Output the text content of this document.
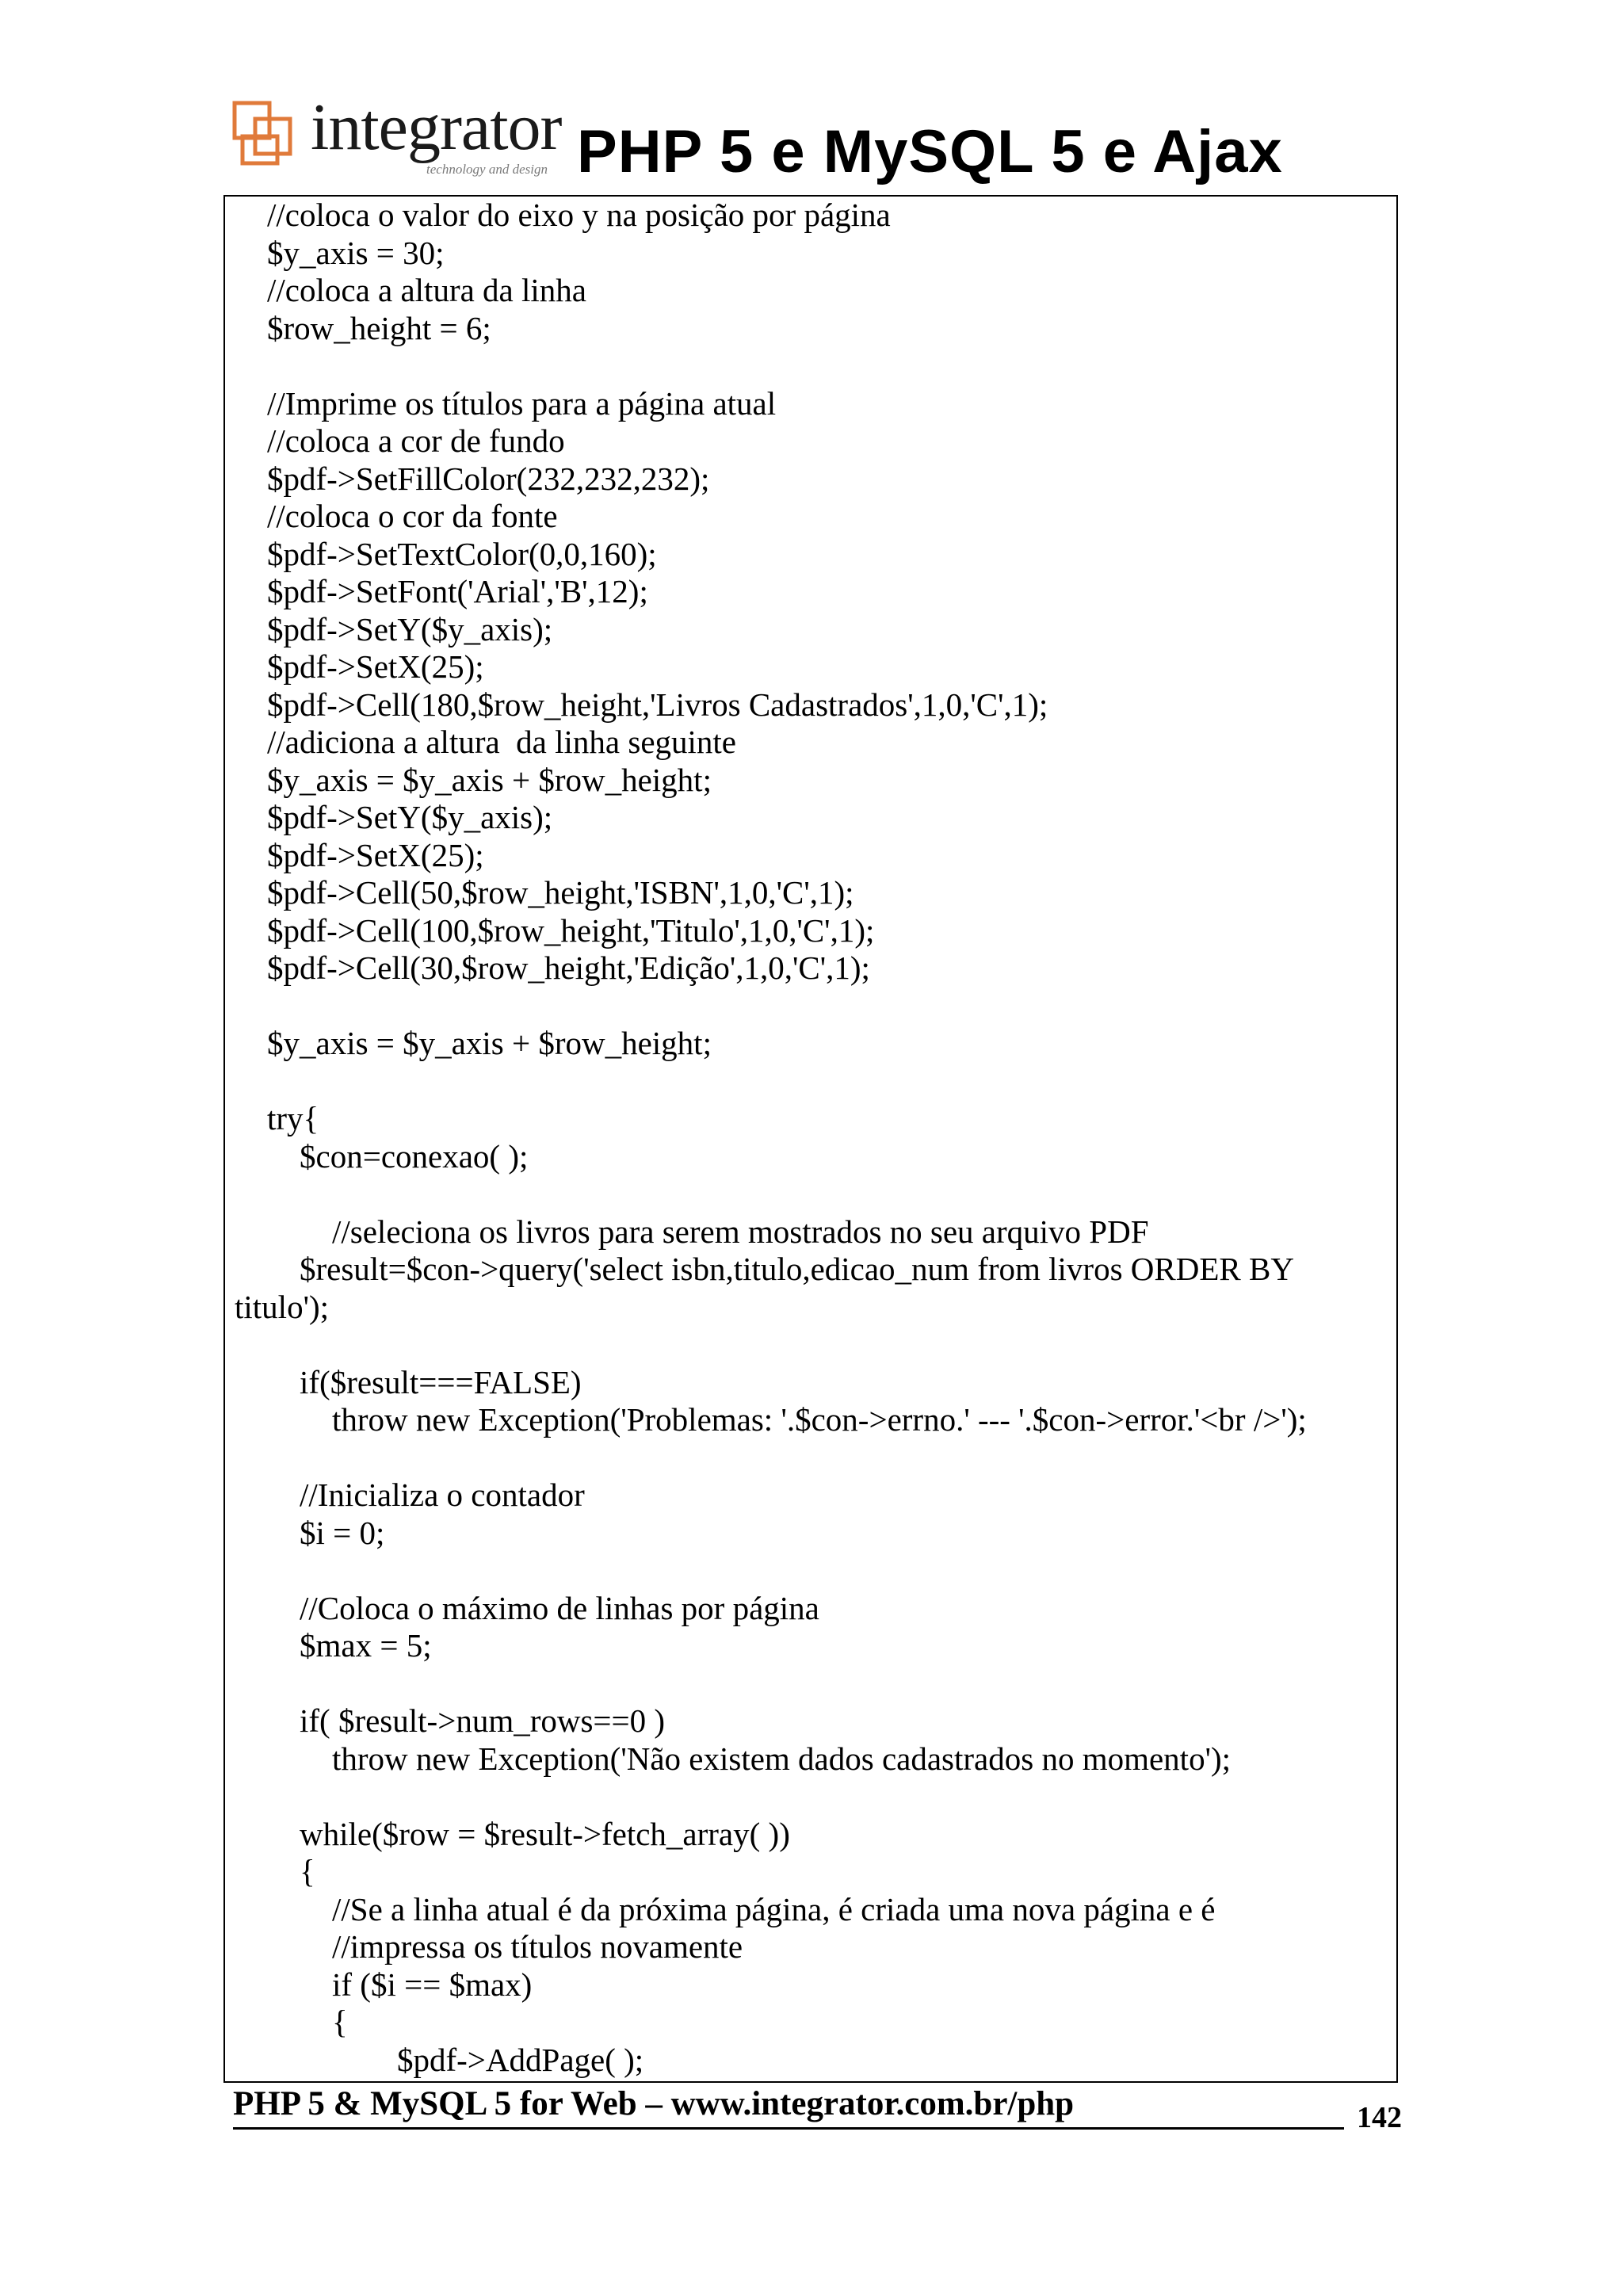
integrator
technology and design PHP 5 e MySQL 5 e Ajax
//coloca o valor do eixo y na posição por página
$y_axis = 30;
//coloca a altura da linha
$row_height = 6;
//Imprime os títulos para a página atual
//coloca a cor de fundo
$pdf->SetFillColor(232,232,232);
//coloca o cor da fonte
$pdf->SetTextColor(0,0,160);
$pdf->SetFont('Arial','B',12);
$pdf->SetY($y_axis);
$pdf->SetX(25);
$pdf->Cell(180,$row_height,'Livros Cadastrados',1,0,'C',1);
//adiciona a altura  da linha seguinte
$y_axis = $y_axis + $row_height;
$pdf->SetY($y_axis);
$pdf->SetX(25);
$pdf->Cell(50,$row_height,'ISBN',1,0,'C',1);
$pdf->Cell(100,$row_height,'Titulo',1,0,'C',1);
$pdf->Cell(30,$row_height,'Edição',1,0,'C',1);
$y_axis = $y_axis + $row_height;
try{
$con=conexao( );
//seleciona os livros para serem mostrados no seu arquivo PDF
$result=$con->query('select isbn,titulo,edicao_num from livros ORDER BY
titulo');
if($result===FALSE)
throw new Exception('Problemas: '.$con->errno.' --- '.$con->error.'<br />');
//Inicializa o contador
$i = 0;
//Coloca o máximo de linhas por página
$max = 5;
if( $result->num_rows==0 )
throw new Exception('Não existem dados cadastrados no momento');
while($row = $result->fetch_array( ))
{
//Se a linha atual é da próxima página, é criada uma nova página e é
//impressa os títulos novamente
if ($i == $max)
{
$pdf->AddPage( );
PHP 5 & MySQL 5 for Web – www.integrator.com.br/php	142
